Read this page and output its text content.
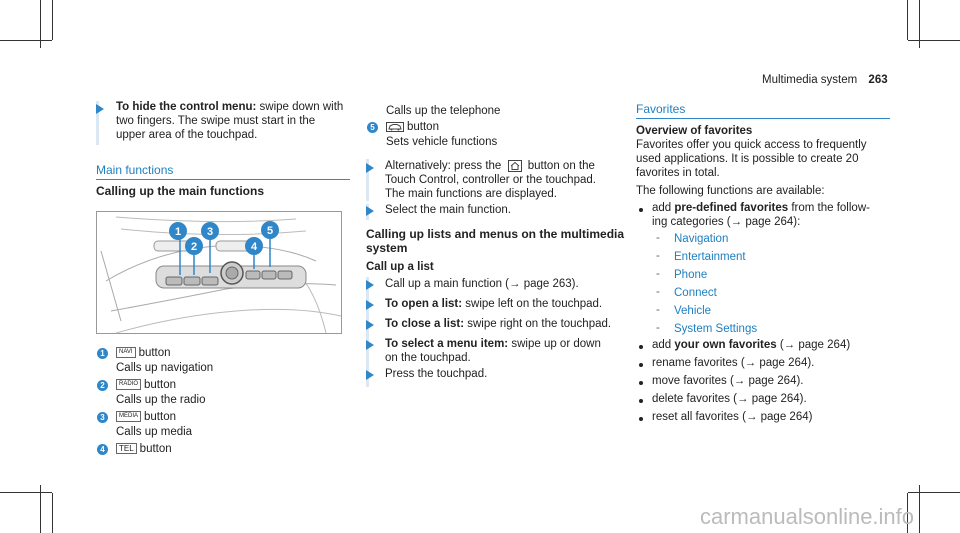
Multimedia system 263
To hide the control menu: swipe down with
two fingers. The swipe must start in the
upper area of the touchpad.
Main functions
Calling up the main functions
1 3
2	4
5
1	NAVI button
Calls up navigation
2	RADIO button
Calls up the radio
3	MEDIA button
Calls up media
4	TEL button
Calls up the telephone
5	button
Sets vehicle functions
Alternatively: press the button on the
Touch Control, controller or the touchpad.
The main functions are displayed.
Select the main function.
Calling up lists and menus on the multimedia
system
Call up a list
Call up a main function (→ page 263).
To open a list: swipe left on the touchpad.
To close a list: swipe right on the touchpad.
To select a menu item: swipe up or down
on the touchpad.
Press the touchpad.
Favorites
Overview of favorites
Favorites offer you quick access to frequently
used applications. It is possible to create 20
favorites in total.
The following functions are available:
add pre-defined favorites from the follow-
ing categories (→ page 264):
- Navigation
- Entertainment
- Phone
- Connect
- Vehicle
- System Settings
add your own favorites (→ page 264)
rename favorites (→ page 264).
move favorites (→ page 264).
delete favorites (→ page 264).
reset all favorites (→ page 264)
carmanualsonline.info
